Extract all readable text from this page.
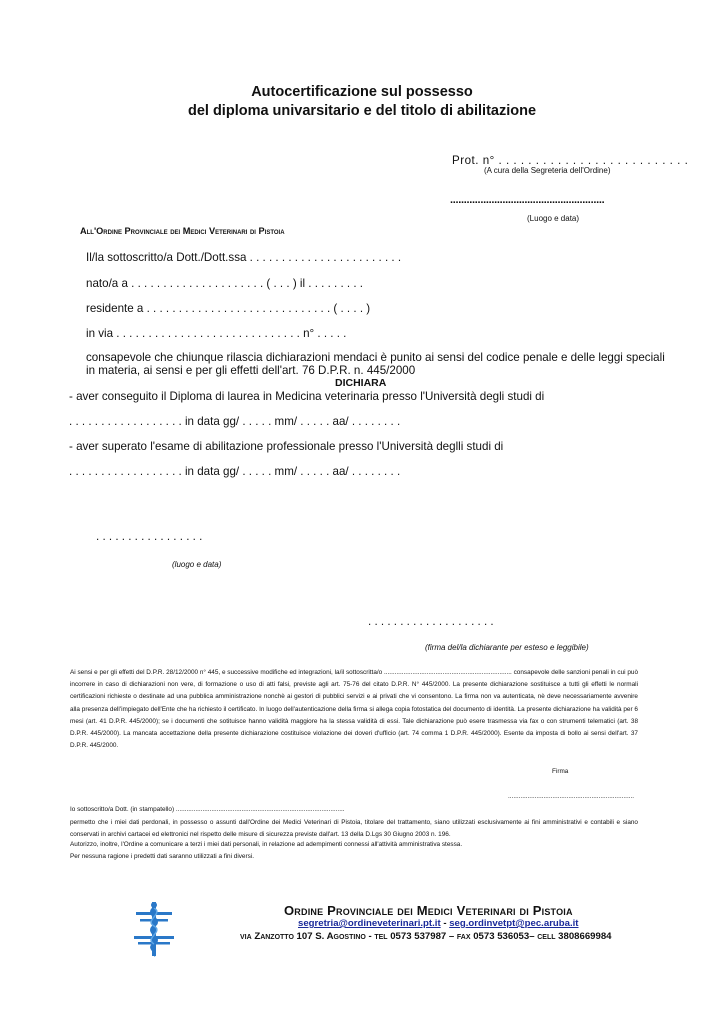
Autocertificazione sul possesso
del diploma univarsitario e del titolo di abilitazione
Prot. n° . . . . . . . . . . . . . . . . . . . . . . . . . .
(A cura della Segreteria dell'Ordine)
........................................................
(Luogo e data)
All'Ordine Provinciale dei Medici Veterinari di Pistoia
Il/la sottoscritto/a Dott./Dott.ssa . . . . . . . . . . . . . . . . . . . . . . . .
nato/a a . . . . . . . . . . . . . . . . . . . . . ( . . . ) il . . . . . . . . .
residente a . . . . . . . . . . . . . . . . . . . . . . . . . . . . . ( . . . . )
in via . . . . . . . . . . . . . . . . . . . . . . . . . . . . . n° . . . . .
consapevole che chiunque rilascia dichiarazioni mendaci è punito ai sensi del codice penale e delle leggi speciali
in materia, ai sensi e per gli effetti dell'art. 76 D.P.R. n. 445/2000
DICHIARA
- aver conseguito il Diploma di laurea in Medicina veterinaria presso l'Università degli studi di
. . . . . . . . . . . . . . . . . . in data gg/ . . . . . mm/ . . . . . aa/ . . . . . . . .
- aver superato l'esame di abilitazione professionale presso l'Università deglli studi di
. . . . . . . . . . . . . . . . . . in data gg/ . . . . . mm/ . . . . . aa/ . . . . . . . .
. . . . . . . . . . . . . . . . .
(luogo e data)
. . . . . . . . . . . . . . . . . . . .
(firma del/la dichiarante per esteso e leggibile)
Ai sensi e per gli effetti del D.P.R. 28/12/2000 n° 445, e successive modifiche ed integrazioni, la/il sottoscritta/o ........................................................................ consapevole delle sanzioni penali in cui può incorrere in caso di dichiarazioni non vere, di formazione o uso di atti falsi, previste agli art. 75-76 del citato D.P.R. N° 445/2000. La presente dichiarazione sostituisce a tutti gli effetti le normali certificazioni richieste o destinate ad una pubblica amministrazione nonchè ai gestori di pubblici servizi e ai privati che vi consentono. La firma non va autenticata, nè deve necessariamente avvenire alla presenza dell'impiegato dell'Ente che ha richiesto il certificato. In luogo dell'autenticazione della firma si allega copia fotostatica del documento di identità. La presente dichiarazione ha validità per 6 mesi (art. 41 D.P.R. 445/2000); se i documenti che sotituisce hanno validità maggiore ha la stessa validità di essi. Tale dichiarazione può esere trasmessa via fax o con strumenti telematici (art. 38 D.P.R. 445/2000). La mancata accettazione della presente dichiarazione costituisce violazione dei doveri d'ufficio (art. 74 comma 1 D.P.R. 445/2000). Esente da imposta di bollo ai sensi dell'art. 37 D.P.R. 445/2000.
Firma
.......................................................................
Io sottoscritto/a Dott. (in stampatello) ...............................................................................................
permetto che i miei dati perdonali, in possesso o assunti dall'Ordine dei Medici Veterinari di Pistoia, titolare del trattamento, siano utilizzati esclusivamente ai fini amministrativi e contabili e siano conservati in archivi cartacei ed elettronici nel rispetto delle misure di sicurezza previste dall'art. 13 della D.Lgs 30 Giugno 2003 n. 196.
Autorizzo, inoltre, l'Ordine a comunicare a terzi i miei dati personali, in relazione ad adempimenti connessi all'attività amministrativa stessa.
Per nessuna ragione i predetti dati saranno utilizzati a fini diversi.
Ordine Provinciale dei Medici Veterinari di Pistoia
segretria@ordineveterinari.pt.it - seg.ordinvetpt@pec.aruba.it
via Zanzotto 107 S. Agostino - tel 0573 537987 – fax 0573 536053– cell 3808669984
